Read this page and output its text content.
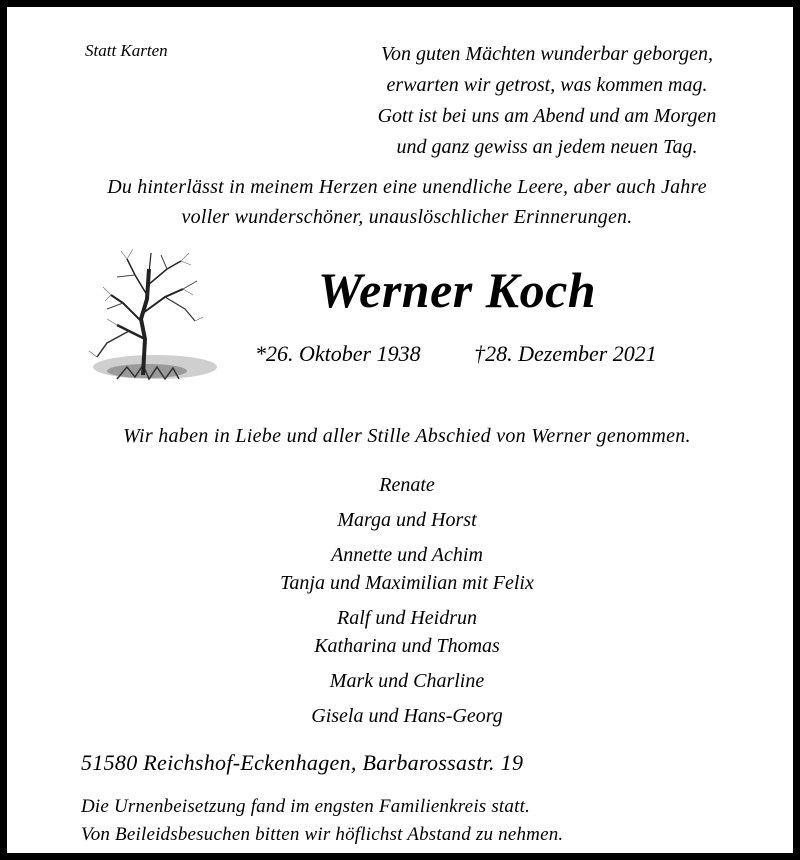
Statt Karten	Von guten Mächten wunderbar geborgen,
erwarten wir getrost, was kommen mag.
Gott ist bei uns am Abend und am Morgen
und ganz gewiss an jedem neuen Tag.
Du hinterlässt in meinem Herzen eine unendliche Leere, aber auch Jahre
voller wunderschöner, unauslöschlicher Erinnerungen.
Werner Koch
*26. Oktober 1938 †28. Dezember 2021
Wir haben in Liebe und aller Stille Abschied von Werner genommen.
Renate
Marga und Horst
Annette und Achim
Tanja und Maximilian mit Felix
Ralf und Heidrun
Katharina und Thomas
Mark und Charline
Gisela und Hans-Georg
51580 Reichshof-Eckenhagen, Barbarossastr. 19
Die Urnenbeisetzung fand im engsten Familienkreis statt.
Von Beileidsbesuchen bitten wir höflichst Abstand zu nehmen.
